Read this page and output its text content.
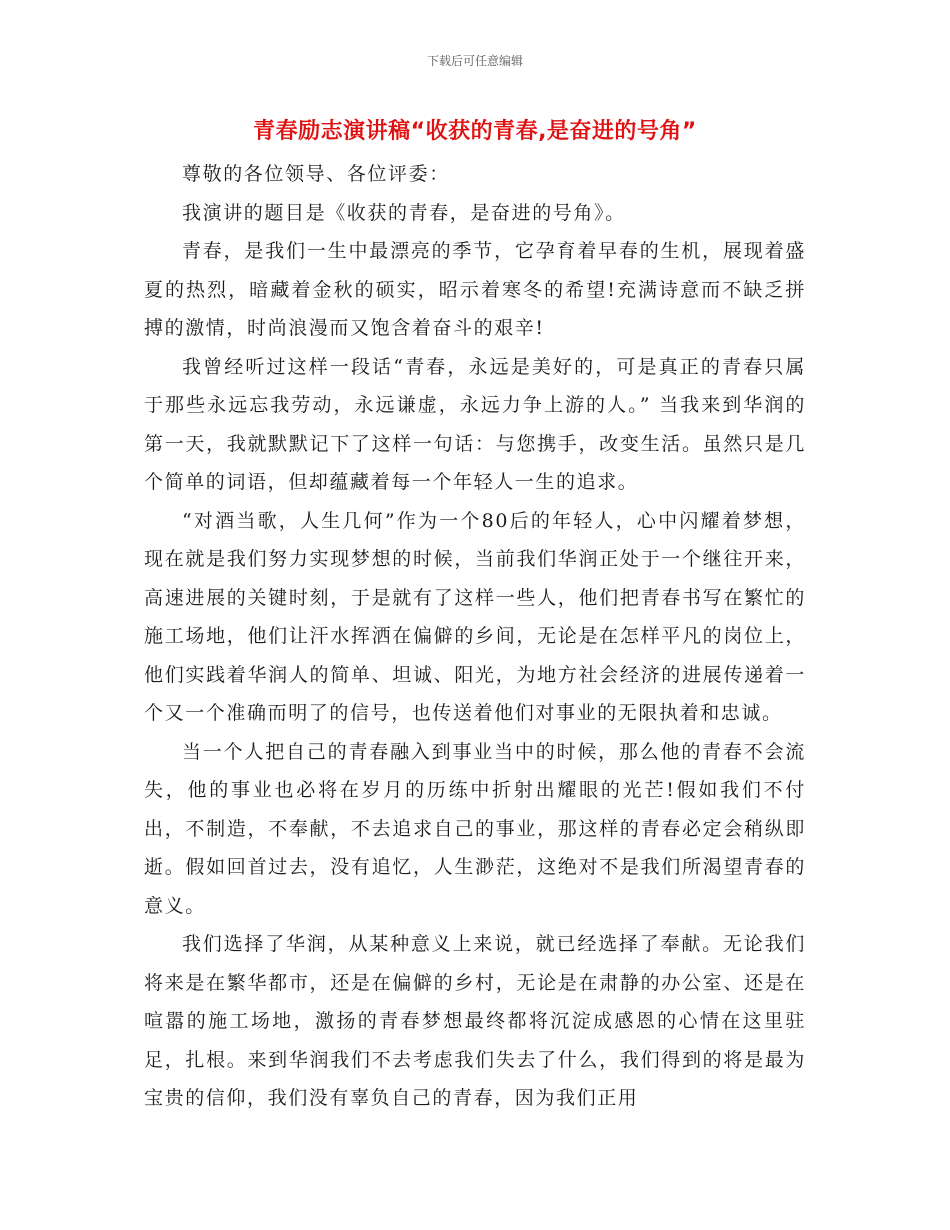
下载后可任意编辑
青春励志演讲稿“收获的青春,是奋进的号角”

尊敬的各位领导、各位评委：

我演讲的题目是《收获的青春，是奋进的号角》。

青春，是我们一生中最漂亮的季节，它孕育着早春的生机，展现着盛夏的热烈，暗藏着金秋的硕实，昭示着寒冬的希望!充满诗意而不缺乏拼搏的激情，时尚浪漫而又饱含着奋斗的艰辛!

我曾经听过这样一段话“青春，永远是美好的，可是真正的青春只属于那些永远忘我劳动，永远谦虚，永远力争上游的人。” 当我来到华润的第一天，我就默默记下了这样一句话：与您携手，改变生活。虽然只是几个简单的词语，但却蕴藏着每一个年轻人一生的追求。

“对酒当歌，人生几何”作为一个80后的年轻人，心中闪耀着梦想，现在就是我们努力实现梦想的时候，当前我们华润正处于一个继往开来，高速进展的关键时刻，于是就有了这样一些人，他们把青春书写在繁忙的施工场地，他们让汗水挥洒在偏僻的乡间，无论是在怎样平凡的岗位上，他们实践着华润人的简单、坦诚、阳光，为地方社会经济的进展传递着一个又一个准确而明了的信号，也传送着他们对事业的无限执着和忠诚。

当一个人把自己的青春融入到事业当中的时候，那么他的青春不会流失，他的事业也必将在岁月的历练中折射出耀眼的光芒!假如我们不付出，不制造，不奉献，不去追求自己的事业，那这样的青春必定会稍纵即逝。假如回首过去，没有追忆，人生渺茫，这绝对不是我们所渴望青春的意义。

我们选择了华润，从某种意义上来说，就已经选择了奉献。无论我们将来是在繁华都市，还是在偏僻的乡村，无论是在肃静的办公室、还是在喧嚣的施工场地，激扬的青春梦想最终都将沉淀成感恩的心情在这里驻足，扎根。来到华润我们不去考虑我们失去了什么，我们得到的将是最为宝贵的信仰，我们没有辜负自己的青春，因为我们正用
